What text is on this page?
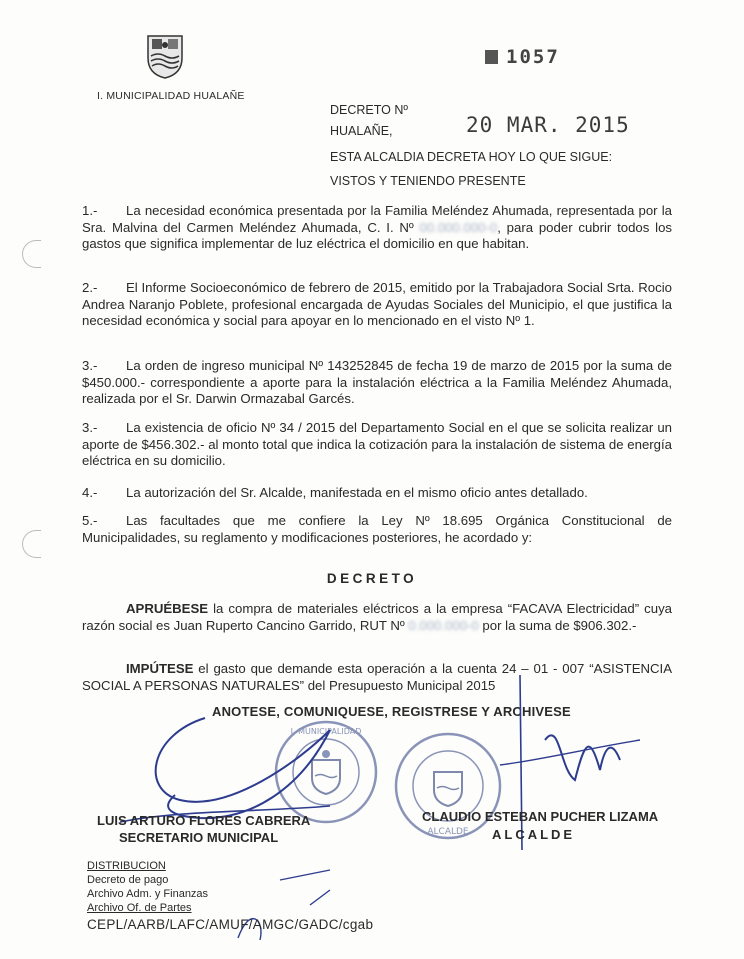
I. MUNICIPALIDAD HUALAÑE
1057
DECRETO Nº
HUALAÑE,	20 MAR. 2015
ESTA ALCALDIA DECRETA HOY LO QUE SIGUE:
VISTOS Y TENIENDO PRESENTE
1.- La necesidad económica presentada por la Familia Meléndez Ahumada, representada por la Sra. Malvina del Carmen Meléndez Ahumada, C. I. Nº 00.000.000-0, para poder cubrir todos los gastos que significa implementar de luz eléctrica el domicilio en que habitan.
2.- El Informe Socioeconómico de febrero de 2015, emitido por la Trabajadora Social Srta. Rocio Andrea Naranjo Poblete, profesional encargada de Ayudas Sociales del Municipio, el que justifica la necesidad económica y social para apoyar en lo mencionado en el visto Nº 1.
3.- La orden de ingreso municipal Nº 143252845 de fecha 19 de marzo de 2015 por la suma de $450.000.- correspondiente a aporte para la instalación eléctrica a la Familia Meléndez Ahumada, realizada por el Sr. Darwin Ormazabal Garcés.
3.- La existencia de oficio Nº 34 / 2015 del Departamento Social en el que se solicita realizar un aporte de $456.302.- al monto total que indica la cotización para la instalación de sistema de energía eléctrica en su domicilio.
4.- La autorización del Sr. Alcalde, manifestada en el mismo oficio antes detallado.
5.- Las facultades que me confiere la Ley Nº 18.695 Orgánica Constitucional de Municipalidades, su reglamento y modificaciones posteriores, he acordado y:
DECRETO
APRUÉBESE la compra de materiales eléctricos a la empresa “FACAVA Electricidad” cuya razón social es Juan Ruperto Cancino Garrido, RUT Nº 0.000.000-0 por la suma de $906.302.-
IMPÚTESE el gasto que demande esta operación a la cuenta 24 – 01 - 007 “ASISTENCIA SOCIAL A PERSONAS NATURALES” del Presupuesto Municipal 2015
ANOTESE, COMUNIQUESE, REGISTRESE Y ARCHIVESE
I. MUNICIPALIDAD
ALCALDE
LUIS ARTURO FLORES CABRERA
SECRETARIO MUNICIPAL
CLAUDIO ESTEBAN PUCHER LIZAMA
ALCALDE
DISTRIBUCION
Decreto de pago
Archivo Adm. y Finanzas
Archivo Of. de Partes
CEPL/AARB/LAFC/AMUF/AMGC/GADC/cgab
